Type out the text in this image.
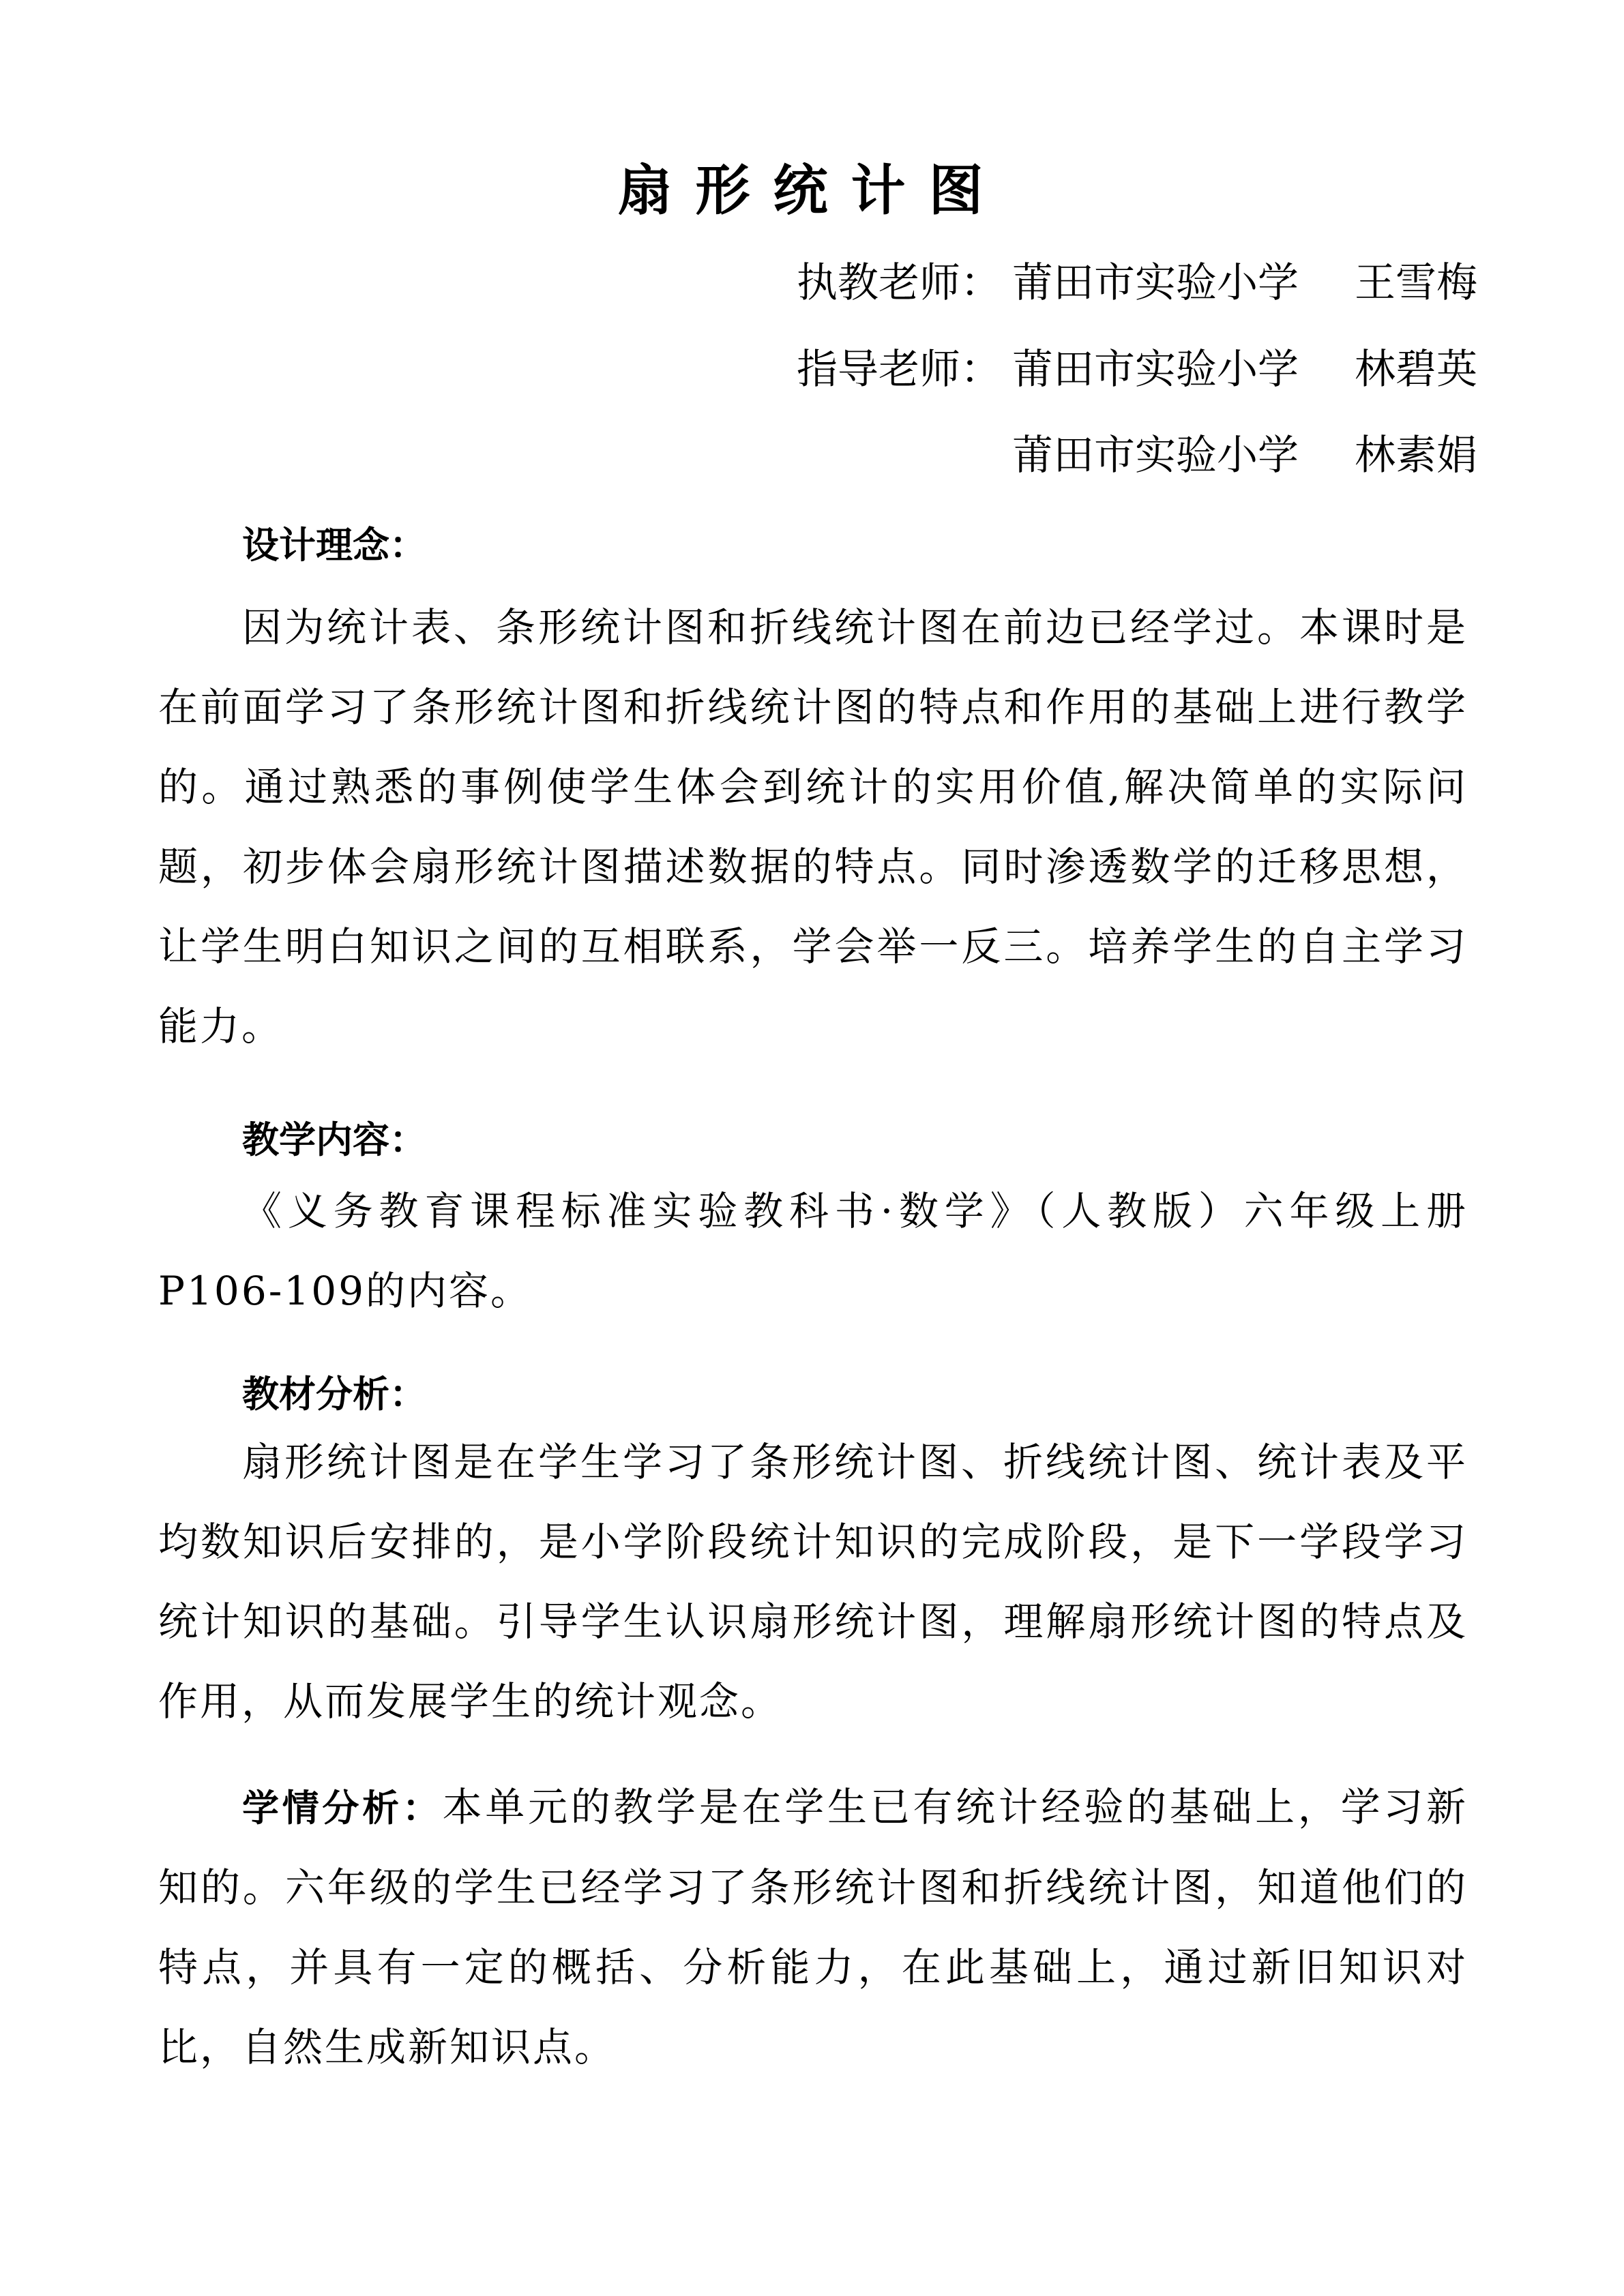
扇形统计图
执教老师： 莆田市实验小学	王雪梅
指导老师： 莆田市实验小学	林碧英
莆田市实验小学	林素娟
设计理念：
因为统计表、条形统计图和折线统计图在前边已经学过。本课时是在前面学习了条形统计图和折线统计图的特点和作用的基础上进行教学的。通过熟悉的事例使学生体会到统计的实用价值,解决简单的实际问题，初步体会扇形统计图描述数据的特点。同时渗透数学的迁移思想，让学生明白知识之间的互相联系，学会举一反三。培养学生的自主学习能力。
教学内容：
《义务教育课程标准实验教科书·数学》（人教版）六年级上册P106-109的内容。
教材分析：
扇形统计图是在学生学习了条形统计图、折线统计图、统计表及平均数知识后安排的，是小学阶段统计知识的完成阶段，是下一学段学习统计知识的基础。引导学生认识扇形统计图，理解扇形统计图的特点及作用，从而发展学生的统计观念。
学情分析：本单元的教学是在学生已有统计经验的基础上，学习新知的。六年级的学生已经学习了条形统计图和折线统计图，知道他们的特点，并具有一定的概括、分析能力，在此基础上，通过新旧知识对比，自然生成新知识点。
